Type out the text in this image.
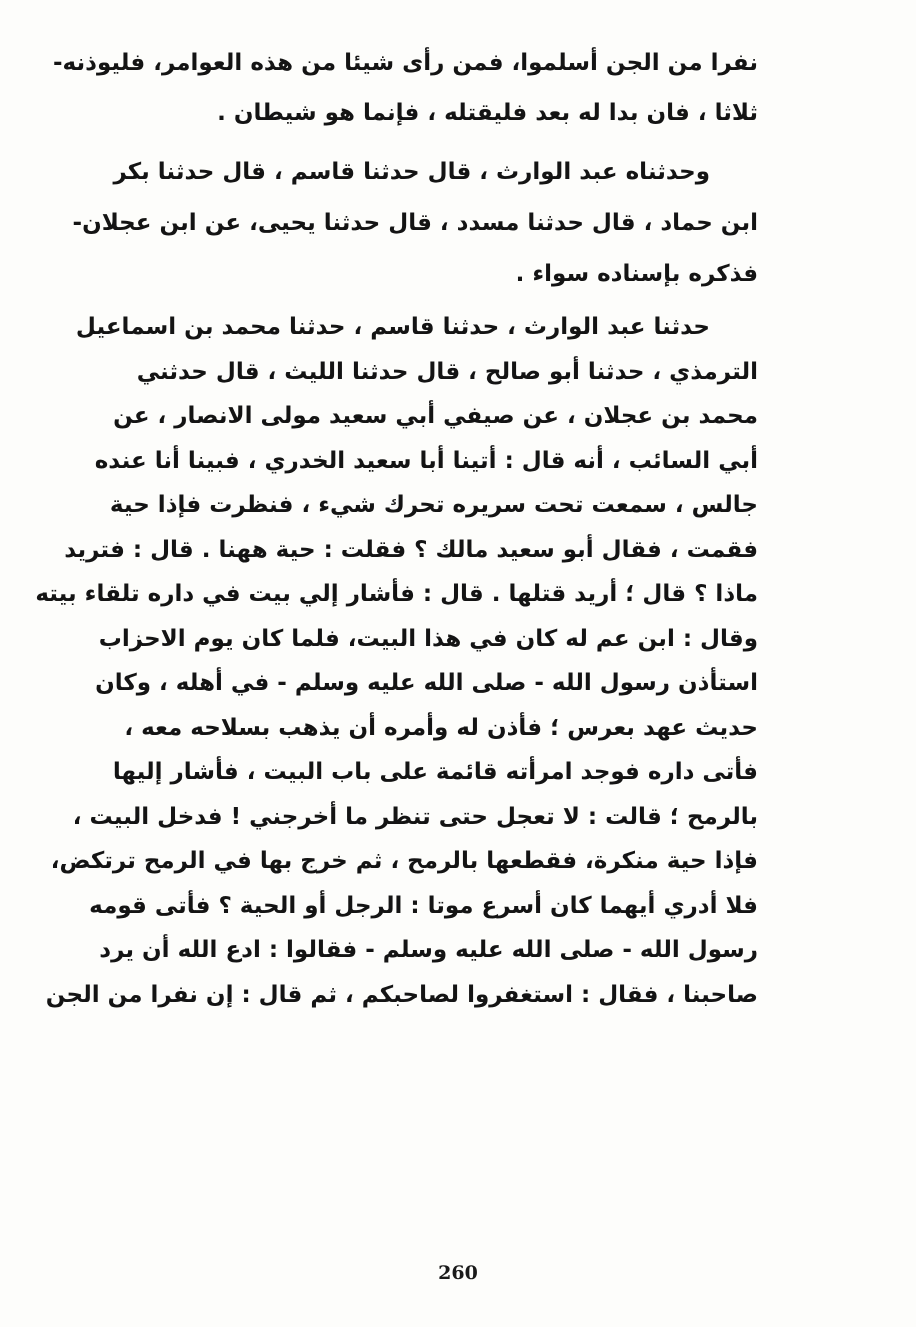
نفرا من الجن أسلموا، فمن رأى شيئا من هذه العوامر، فليوذنه-
ثلاثا ، فان بدا له بعد فليقتله ، فإنما هو شيطان .
وحدثناه عبد الوارث ، قال حدثنا قاسم ، قال حدثنا بكر
ابن حماد ، قال حدثنا مسدد ، قال حدثنا يحيى، عن ابن عجلان-
فذكره بإسناده سواء .
حدثنا عبد الوارث ، حدثنا قاسم ، حدثنا محمد بن اسماعيل
الترمذي ، حدثنا أبو صالح ، قال حدثنا الليث ، قال حدثني
محمد بن عجلان ، عن صيفي أبي سعيد مولى الانصار ، عن
أبي السائب ، أنه قال : أتينا أبا سعيد الخدري ، فبينا أنا عنده
جالس ، سمعت تحت سريره تحرك شيء ، فنظرت فإذا حية
فقمت ، فقال أبو سعيد مالك ؟ فقلت : حية ههنا . قال : فتريد
ماذا ؟ قال ؛ أريد قتلها . قال : فأشار إلي بيت في داره تلقاء بيته
وقال : ابن عم له كان في هذا البيت، فلما كان يوم الاحزاب
استأذن رسول الله - صلى الله عليه وسلم - في أهله ، وكان
حديث عهد بعرس ؛ فأذن له وأمره أن يذهب بسلاحه معه ،
فأتى داره فوجد امرأته قائمة على باب البيت ، فأشار إليها
بالرمح ؛ قالت : لا تعجل حتى تنظر ما أخرجني ! فدخل البيت ،
فإذا حية منكرة، فقطعها بالرمح ، ثم خرج بها في الرمح ترتكض،
فلا أدري أيهما كان أسرع موتا : الرجل أو الحية ؟ فأتى قومه
رسول الله - صلى الله عليه وسلم - فقالوا : ادع الله أن يرد
صاحبنا ، فقال : استغفروا لصاحبكم ، ثم قال : إن نفرا من الجن
260
